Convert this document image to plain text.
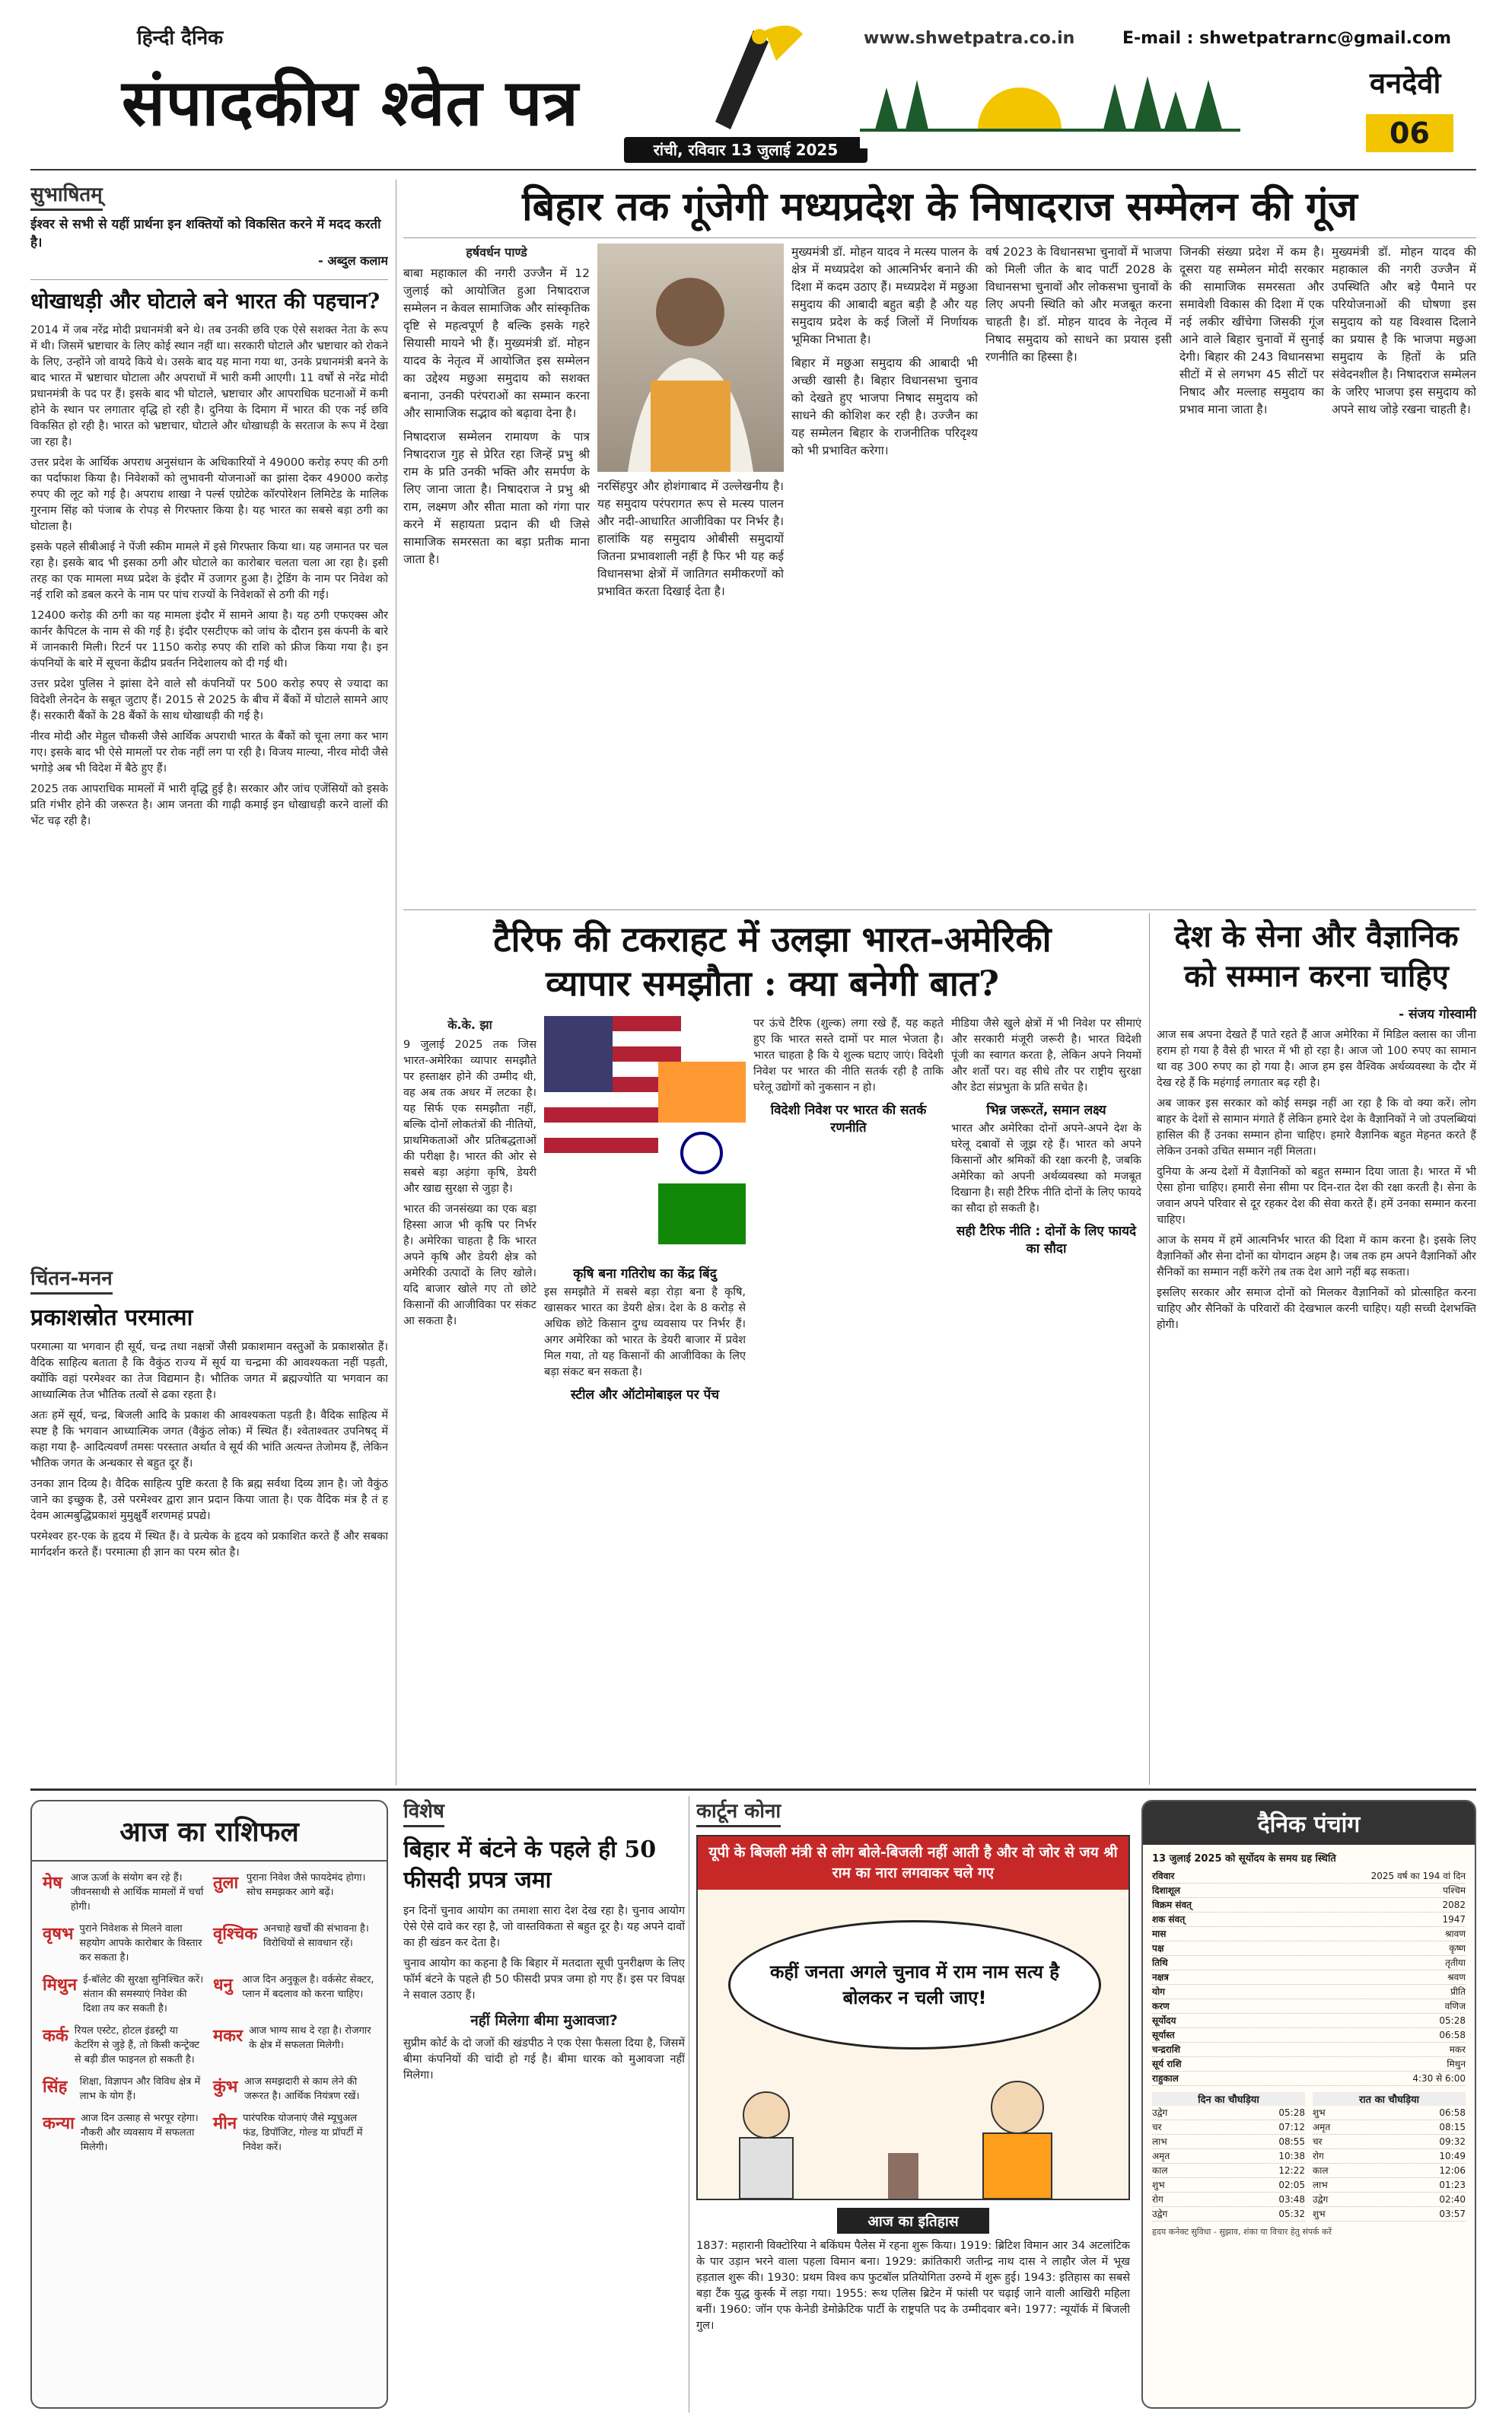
हिन्दी दैनिक
संपादकीय श्वेत पत्र
रांची, रविवार 13 जुलाई 2025
www.shwetpatra.co.in	E-mail : shwetpatrarnc@gmail.com
वनदेवी
06
सुभाषितम्
ईश्वर से सभी से यहीं प्रार्थना इन शक्तियों को विकसित करने में मदद करती है।
- अब्दुल कलाम
धोखाधड़ी और घोटाले बने भारत की पहचान?

2014 में जब नरेंद्र मोदी प्रधानमंत्री बने थे। तब उनकी छवि एक ऐसे सशक्त नेता के रूप में थी। जिसमें भ्रष्टाचार के लिए कोई स्थान नहीं था। सरकारी घोटाले और भ्रष्टाचार को रोकने के लिए, उन्होंने जो वायदे किये थे। उसके बाद यह माना गया था, उनके प्रधानमंत्री बनने के बाद भारत में भ्रष्टाचार घोटाला और अपराधों में भारी कमी आएगी। 11 वर्षों से नरेंद्र मोदी प्रधानमंत्री के पद पर हैं। इसके बाद भी घोटाले, भ्रष्टाचार और आपराधिक घटनाओं में कमी होने के स्थान पर लगातार वृद्धि हो रही है। दुनिया के दिमाग में भारत की एक नई छवि विकसित हो रही है। भारत को भ्रष्टाचार, घोटाले और धोखाधड़ी के सरताज के रूप में देखा जा रहा है।

उत्तर प्रदेश के आर्थिक अपराध अनुसंधान के अधिकारियों ने 49000 करोड़ रुपए की ठगी का पर्दाफाश किया है। निवेशकों को लुभावनी योजनाओं का झांसा देकर 49000 करोड़ रुपए की लूट को गई है। अपराध शाखा ने पर्ल्स एग्रोटेक कॉरपोरेशन लिमिटेड के मालिक गुरनाम सिंह को पंजाब के रोपड़ से गिरफ्तार किया है। यह भारत का सबसे बड़ा ठगी का घोटाला है।

इसके पहले सीबीआई ने पेंजी स्कीम मामले में इसे गिरफ्तार किया था। यह जमानत पर चल रहा है। इसके बाद भी इसका ठगी और घोटाले का कारोबार चलता चला आ रहा है। इसी तरह का एक मामला मध्य प्रदेश के इंदौर में उजागर हुआ है। ट्रेडिंग के नाम पर निवेश को नई राशि को डबल करने के नाम पर पांच राज्यों के निवेशकों से ठगी की गई।

12400 करोड़ की ठगी का यह मामला इंदौर में सामने आया है। यह ठगी एफएक्स और कार्नर कैपिटल के नाम से की गई है। इंदौर एसटीएफ को जांच के दौरान इस कंपनी के बारे में जानकारी मिली। रिटर्न पर 1150 करोड़ रुपए की राशि को फ्रीज किया गया है। इन कंपनियों के बारे में सूचना केंद्रीय प्रवर्तन निदेशालय को दी गई थी।

उत्तर प्रदेश पुलिस ने झांसा देने वाले सौ कंपनियों पर 500 करोड़ रुपए से ज्यादा का विदेशी लेनदेन के सबूत जुटाए हैं। 2015 से 2025 के बीच में बैंकों में घोटाले सामने आए हैं। सरकारी बैंकों के 28 बैंकों के साथ धोखाधड़ी की गई है।

नीरव मोदी और मेहुल चौकसी जैसे आर्थिक अपराधी भारत के बैंकों को चूना लगा कर भाग गए। इसके बाद भी ऐसे मामलों पर रोक नहीं लग पा रही है। विजय माल्या, नीरव मोदी जैसे भगोड़े अब भी विदेश में बैठे हुए हैं।

2025 तक आपराधिक मामलों में भारी वृद्धि हुई है। सरकार और जांच एजेंसियों को इसके प्रति गंभीर होने की जरूरत है। आम जनता की गाढ़ी कमाई इन धोखाधड़ी करने वालों की भेंट चढ़ रही है।

चिंतन-मनन
प्रकाशस्रोत परमात्मा

परमात्मा या भगवान ही सूर्य, चन्द्र तथा नक्षत्रों जैसी प्रकाशमान वस्तुओं के प्रकाशस्रोत हैं। वैदिक साहित्य बताता है कि वैकुंठ राज्य में सूर्य या चन्द्रमा की आवश्यकता नहीं पड़ती, क्योंकि वहां परमेश्वर का तेज विद्यमान है। भौतिक जगत में ब्रह्मज्योति या भगवान का आध्यात्मिक तेज भौतिक तत्वों से ढका रहता है।

अतः हमें सूर्य, चन्द्र, बिजली आदि के प्रकाश की आवश्यकता पड़ती है। वैदिक साहित्य में स्पष्ट है कि भगवान आध्यात्मिक जगत (वैकुंठ लोक) में स्थित हैं। श्वेताश्वतर उपनिषद् में कहा गया है- आदित्यवर्णं तमसः परस्तात अर्थात वे सूर्य की भांति अत्यन्त तेजोमय हैं, लेकिन भौतिक जगत के अन्धकार से बहुत दूर हैं।

उनका ज्ञान दिव्य है। वैदिक साहित्य पुष्टि करता है कि ब्रह्म सर्वथा दिव्य ज्ञान है। जो वैकुंठ जाने का इच्छुक है, उसे परमेश्वर द्वारा ज्ञान प्रदान किया जाता है। एक वैदिक मंत्र है तं ह देवम आत्मबुद्धिप्रकाशं मुमुक्षुर्वै शरणमहं प्रपद्ये।

परमेश्वर हर-एक के हृदय में स्थित हैं। वे प्रत्येक के हृदय को प्रकाशित करते हैं और सबका मार्गदर्शन करते हैं। परमात्मा ही ज्ञान का परम स्रोत है।

बिहार तक गूंजेगी मध्यप्रदेश के निषादराज सम्मेलन की गूंज
हर्षवर्धन पाण्डे

बाबा महाकाल की नगरी उज्जैन में 12 जुलाई को आयोजित हुआ निषादराज सम्मेलन न केवल सामाजिक और सांस्कृतिक दृष्टि से महत्वपूर्ण है बल्कि इसके गहरे सियासी मायने भी हैं। मुख्यमंत्री डॉ. मोहन यादव के नेतृत्व में आयोजित इस सम्मेलन का उद्देश्य मछुआ समुदाय को सशक्त बनाना, उनकी परंपराओं का सम्मान करना और सामाजिक सद्भाव को बढ़ावा देना है।

निषादराज सम्मेलन रामायण के पात्र निषादराज गुह से प्रेरित रहा जिन्हें प्रभु श्री राम के प्रति उनकी भक्ति और समर्पण के लिए जाना जाता है। निषादराज ने प्रभु श्री राम, लक्ष्मण और सीता माता को गंगा पार करने में सहायता प्रदान की थी जिसे सामाजिक समरसता का बड़ा प्रतीक माना जाता है।

नरसिंहपुर और होशंगाबाद में उल्लेखनीय है। यह समुदाय परंपरागत रूप से मत्स्य पालन और नदी-आधारित आजीविका पर निर्भर है। हालांकि यह समुदाय ओबीसी समुदायों जितना प्रभावशाली नहीं है फिर भी यह कई विधानसभा क्षेत्रों में जातिगत समीकरणों को प्रभावित करता दिखाई देता है।

मुख्यमंत्री डॉ. मोहन यादव ने मत्स्य पालन के क्षेत्र में मध्यप्रदेश को आत्मनिर्भर बनाने की दिशा में कदम उठाए हैं। मध्यप्रदेश में मछुआ समुदाय की आबादी बहुत बड़ी है और यह समुदाय प्रदेश के कई जिलों में निर्णायक भूमिका निभाता है।

बिहार में मछुआ समुदाय की आबादी भी अच्छी खासी है। बिहार विधानसभा चुनाव को देखते हुए भाजपा निषाद समुदाय को साधने की कोशिश कर रही है। उज्जैन का यह सम्मेलन बिहार के राजनीतिक परिदृश्य को भी प्रभावित करेगा।

वर्ष 2023 के विधानसभा चुनावों में भाजपा को मिली जीत के बाद पार्टी 2028 के विधानसभा चुनावों और लोकसभा चुनावों के लिए अपनी स्थिति को और मजबूत करना चाहती है। डॉ. मोहन यादव के नेतृत्व में निषाद समुदाय को साधने का प्रयास इसी रणनीति का हिस्सा है।

जिनकी संख्या प्रदेश में कम है। दूसरा यह सम्मेलन मोदी सरकार की सामाजिक समरसता और समावेशी विकास की दिशा में एक नई लकीर खींचेगा जिसकी गूंज आने वाले बिहार चुनावों में सुनाई देगी। बिहार की 243 विधानसभा सीटों में से लगभग 45 सीटों पर निषाद और मल्लाह समुदाय का प्रभाव माना जाता है।

मुख्यमंत्री डॉ. मोहन यादव की महाकाल की नगरी उज्जैन में उपस्थिति और बड़े पैमाने पर परियोजनाओं की घोषणा इस समुदाय को यह विश्वास दिलाने का प्रयास है कि भाजपा मछुआ समुदाय के हितों के प्रति संवेदनशील है। निषादराज सम्मेलन के जरिए भाजपा इस समुदाय को अपने साथ जोड़े रखना चाहती है।

टैरिफ की टकराहट में उलझा भारत-अमेरिकी
व्यापार समझौता : क्या बनेगी बात?
के.के. झा

9 जुलाई 2025 तक जिस भारत-अमेरिका व्यापार समझौते पर हस्ताक्षर होने की उम्मीद थी, वह अब तक अधर में लटका है। यह सिर्फ एक समझौता नहीं, बल्कि दोनों लोकतंत्रों की नीतियों, प्राथमिकताओं और प्रतिबद्धताओं की परीक्षा है। भारत की ओर से सबसे बड़ा अड़ंगा कृषि, डेयरी और खाद्य सुरक्षा से जुड़ा है।

भारत की जनसंख्या का एक बड़ा हिस्सा आज भी कृषि पर निर्भर है। अमेरिका चाहता है कि भारत अपने कृषि और डेयरी क्षेत्र को अमेरिकी उत्पादों के लिए खोले। यदि बाजार खोले गए तो छोटे किसानों की आजीविका पर संकट आ सकता है।

कृषि बना गतिरोध का केंद्र बिंदु

इस समझौते में सबसे बड़ा रोड़ा बना है कृषि, खासकर भारत का डेयरी क्षेत्र। देश के 8 करोड़ से अधिक छोटे किसान दुग्ध व्यवसाय पर निर्भर हैं। अगर अमेरिका को भारत के डेयरी बाजार में प्रवेश मिल गया, तो यह किसानों की आजीविका के लिए बड़ा संकट बन सकता है।

स्टील और ऑटोमोबाइल पर पेंच

पर ऊंचे टैरिफ (शुल्क) लगा रखे हैं, यह कहते हुए कि भारत सस्ते दामों पर माल भेजता है। भारत चाहता है कि ये शुल्क घटाए जाएं। विदेशी निवेश पर भारत की नीति सतर्क रही है ताकि घरेलू उद्योगों को नुकसान न हो।

विदेशी निवेश पर भारत की सतर्क रणनीति

मीडिया जैसे खुले क्षेत्रों में भी निवेश पर सीमाएं और सरकारी मंजूरी जरूरी है। भारत विदेशी पूंजी का स्वागत करता है, लेकिन अपने नियमों और शर्तों पर। वह सीधे तौर पर राष्ट्रीय सुरक्षा और डेटा संप्रभुता के प्रति सचेत है।

भिन्न जरूरतें, समान लक्ष्य

भारत और अमेरिका दोनों अपने-अपने देश के घरेलू दबावों से जूझ रहे हैं। भारत को अपने किसानों और श्रमिकों की रक्षा करनी है, जबकि अमेरिका को अपनी अर्थव्यवस्था को मजबूत दिखाना है। सही टैरिफ नीति दोनों के लिए फायदे का सौदा हो सकती है।

सही टैरिफ नीति : दोनों के लिए फायदे का सौदा
देश के सेना और वैज्ञानिक को सम्मान करना चाहिए
- संजय गोस्वामी

आज सब अपना देखते हैं पाते रहते हैं आज अमेरिका में मिडिल क्लास का जीना हराम हो गया है वैसे ही भारत में भी हो रहा है। आज जो 100 रुपए का सामान था वह 300 रुपए का हो गया है। आज हम इस वैश्विक अर्थव्यवस्था के दौर में देख रहे हैं कि महंगाई लगातार बढ़ रही है।

अब जाकर इस सरकार को कोई समझ नहीं आ रहा है कि वो क्या करें। लोग बाहर के देशों से सामान मंगाते हैं लेकिन हमारे देश के वैज्ञानिकों ने जो उपलब्धियां हासिल की हैं उनका सम्मान होना चाहिए। हमारे वैज्ञानिक बहुत मेहनत करते हैं लेकिन उनको उचित सम्मान नहीं मिलता।

दुनिया के अन्य देशों में वैज्ञानिकों को बहुत सम्मान दिया जाता है। भारत में भी ऐसा होना चाहिए। हमारी सेना सीमा पर दिन-रात देश की रक्षा करती है। सेना के जवान अपने परिवार से दूर रहकर देश की सेवा करते हैं। हमें उनका सम्मान करना चाहिए।

आज के समय में हमें आत्मनिर्भर भारत की दिशा में काम करना है। इसके लिए वैज्ञानिकों और सेना दोनों का योगदान अहम है। जब तक हम अपने वैज्ञानिकों और सैनिकों का सम्मान नहीं करेंगे तब तक देश आगे नहीं बढ़ सकता।

इसलिए सरकार और समाज दोनों को मिलकर वैज्ञानिकों को प्रोत्साहित करना चाहिए और सैनिकों के परिवारों की देखभाल करनी चाहिए। यही सच्ची देशभक्ति होगी।

आज का राशिफल
मेष आज ऊर्जा के संयोग बन रहे हैं। जीवनसाथी से आर्थिक मामलों में चर्चा होगी।
तुला पुराना निवेश जैसे फायदेमंद होगा। सोच समझकर आगे बढ़ें।
वृषभ पुराने निवेशक से मिलने वाला सहयोग आपके कारोबार के विस्तार कर सकता है।
वृश्चिक अनचाहे खर्चों की संभावना है। विरोधियों से सावधान रहें।
मिथुन ई-बॉलेट की सुरक्षा सुनिश्चित करें। संतान की समस्याएं निवेश की दिशा तय कर सकती है।
धनु आज दिन अनुकूल है। वर्कसेट सेक्टर, प्लान में बदलाव को करना चाहिए।
कर्क रियल एस्टेट, होटल इंडस्ट्री या केटरिंग से जुड़े हैं, तो किसी कन्ट्रेक्ट से बड़ी डील फाइनल हो सकती है।
मकर आज भाग्य साथ दे रहा है। रोजगार के क्षेत्र में सफलता मिलेगी।
सिंह	शिक्षा, विज्ञापन और विविध क्षेत्र में लाभ के योग हैं।	कुंभ आज समझदारी से काम लेने की जरूरत है। आर्थिक नियंत्रण रखें।
कन्या आज दिन उत्साह से भरपूर रहेगा। नौकरी और व्यवसाय में सफलता मिलेगी।
मीन पारंपरिक योजनाएं जैसे म्यूचुअल फंड, डिपॉजिट, गोल्ड या प्रॉपर्टी में निवेश करें।
विशेष
बिहार में बंटने के पहले ही 50 फीसदी प्रपत्र जमा

इन दिनों चुनाव आयोग का तमाशा सारा देश देख रहा है। चुनाव आयोग ऐसे ऐसे दावे कर रहा है, जो वास्तविकता से बहुत दूर है। यह अपने दावों का ही खंडन कर देता है।

चुनाव आयोग का कहना है कि बिहार में मतदाता सूची पुनरीक्षण के लिए फॉर्म बंटने के पहले ही 50 फीसदी प्रपत्र जमा हो गए हैं। इस पर विपक्ष ने सवाल उठाए हैं।

नहीं मिलेगा बीमा मुआवजा?

सुप्रीम कोर्ट के दो जजों की खंडपीठ ने एक ऐसा फैसला दिया है, जिसमें बीमा कंपनियों की चांदी हो गई है। बीमा धारक को मुआवजा नहीं मिलेगा।

कार्टून कोना
यूपी के बिजली मंत्री से लोग बोले-बिजली नहीं आती है और वो जोर से जय श्री राम का नारा लगवाकर चले गए
कहीं जनता अगले चुनाव में राम नाम सत्य है बोलकर न चली जाए!
आज का इतिहास

1837: महारानी विक्टोरिया ने बकिंघम पैलेस में रहना शुरू किया। 1919: ब्रिटिश विमान आर 34 अटलांटिक के पार उड़ान भरने वाला पहला विमान बना। 1929: क्रांतिकारी जतीन्द्र नाथ दास ने लाहौर जेल में भूख हड़ताल शुरू की। 1930: प्रथम विश्व कप फुटबॉल प्रतियोगिता उरुग्वे में शुरू हुई। 1943: इतिहास का सबसे बड़ा टैंक युद्ध कुर्स्क में लड़ा गया। 1955: रूथ एलिस ब्रिटेन में फांसी पर चढ़ाई जाने वाली आखिरी महिला बनीं। 1960: जॉन एफ केनेडी डेमोक्रेटिक पार्टी के राष्ट्रपति पद के उम्मीदवार बने। 1977: न्यूयॉर्क में बिजली गुल।

दैनिक पंचांग
13 जुलाई 2025 को सूर्योदय के समय ग्रह स्थिति
रविवार	2025 वर्ष का 194 वां दिन
दिशाशूल	पश्चिम
विक्रम संवत्	2082
शक संवत्	1947
मास	श्रावण
पक्ष	कृष्ण
तिथि	तृतीया
नक्षत्र	श्रवण
योग	प्रीति
करण	वणिज
सूर्योदय	05:28
सूर्यास्त	06:58
चन्द्रराशि	मकर
सूर्य राशि	मिथुन
राहुकाल	4:30 से 6:00
दिन का चौघड़िया
उद्वेग	05:28
चर	07:12
लाभ	08:55
अमृत	10:38
काल	12:22
शुभ	02:05
रोग	03:48
उद्वेग	05:32
रात का चौघड़िया
शुभ	06:58
अमृत	08:15
चर	09:32
रोग	10:49
काल	12:06
लाभ	01:23
उद्वेग	02:40
शुभ	03:57
हृदय कनेक्ट सुविधा - सुझाव, शंका या विचार हेतु संपर्क करें
